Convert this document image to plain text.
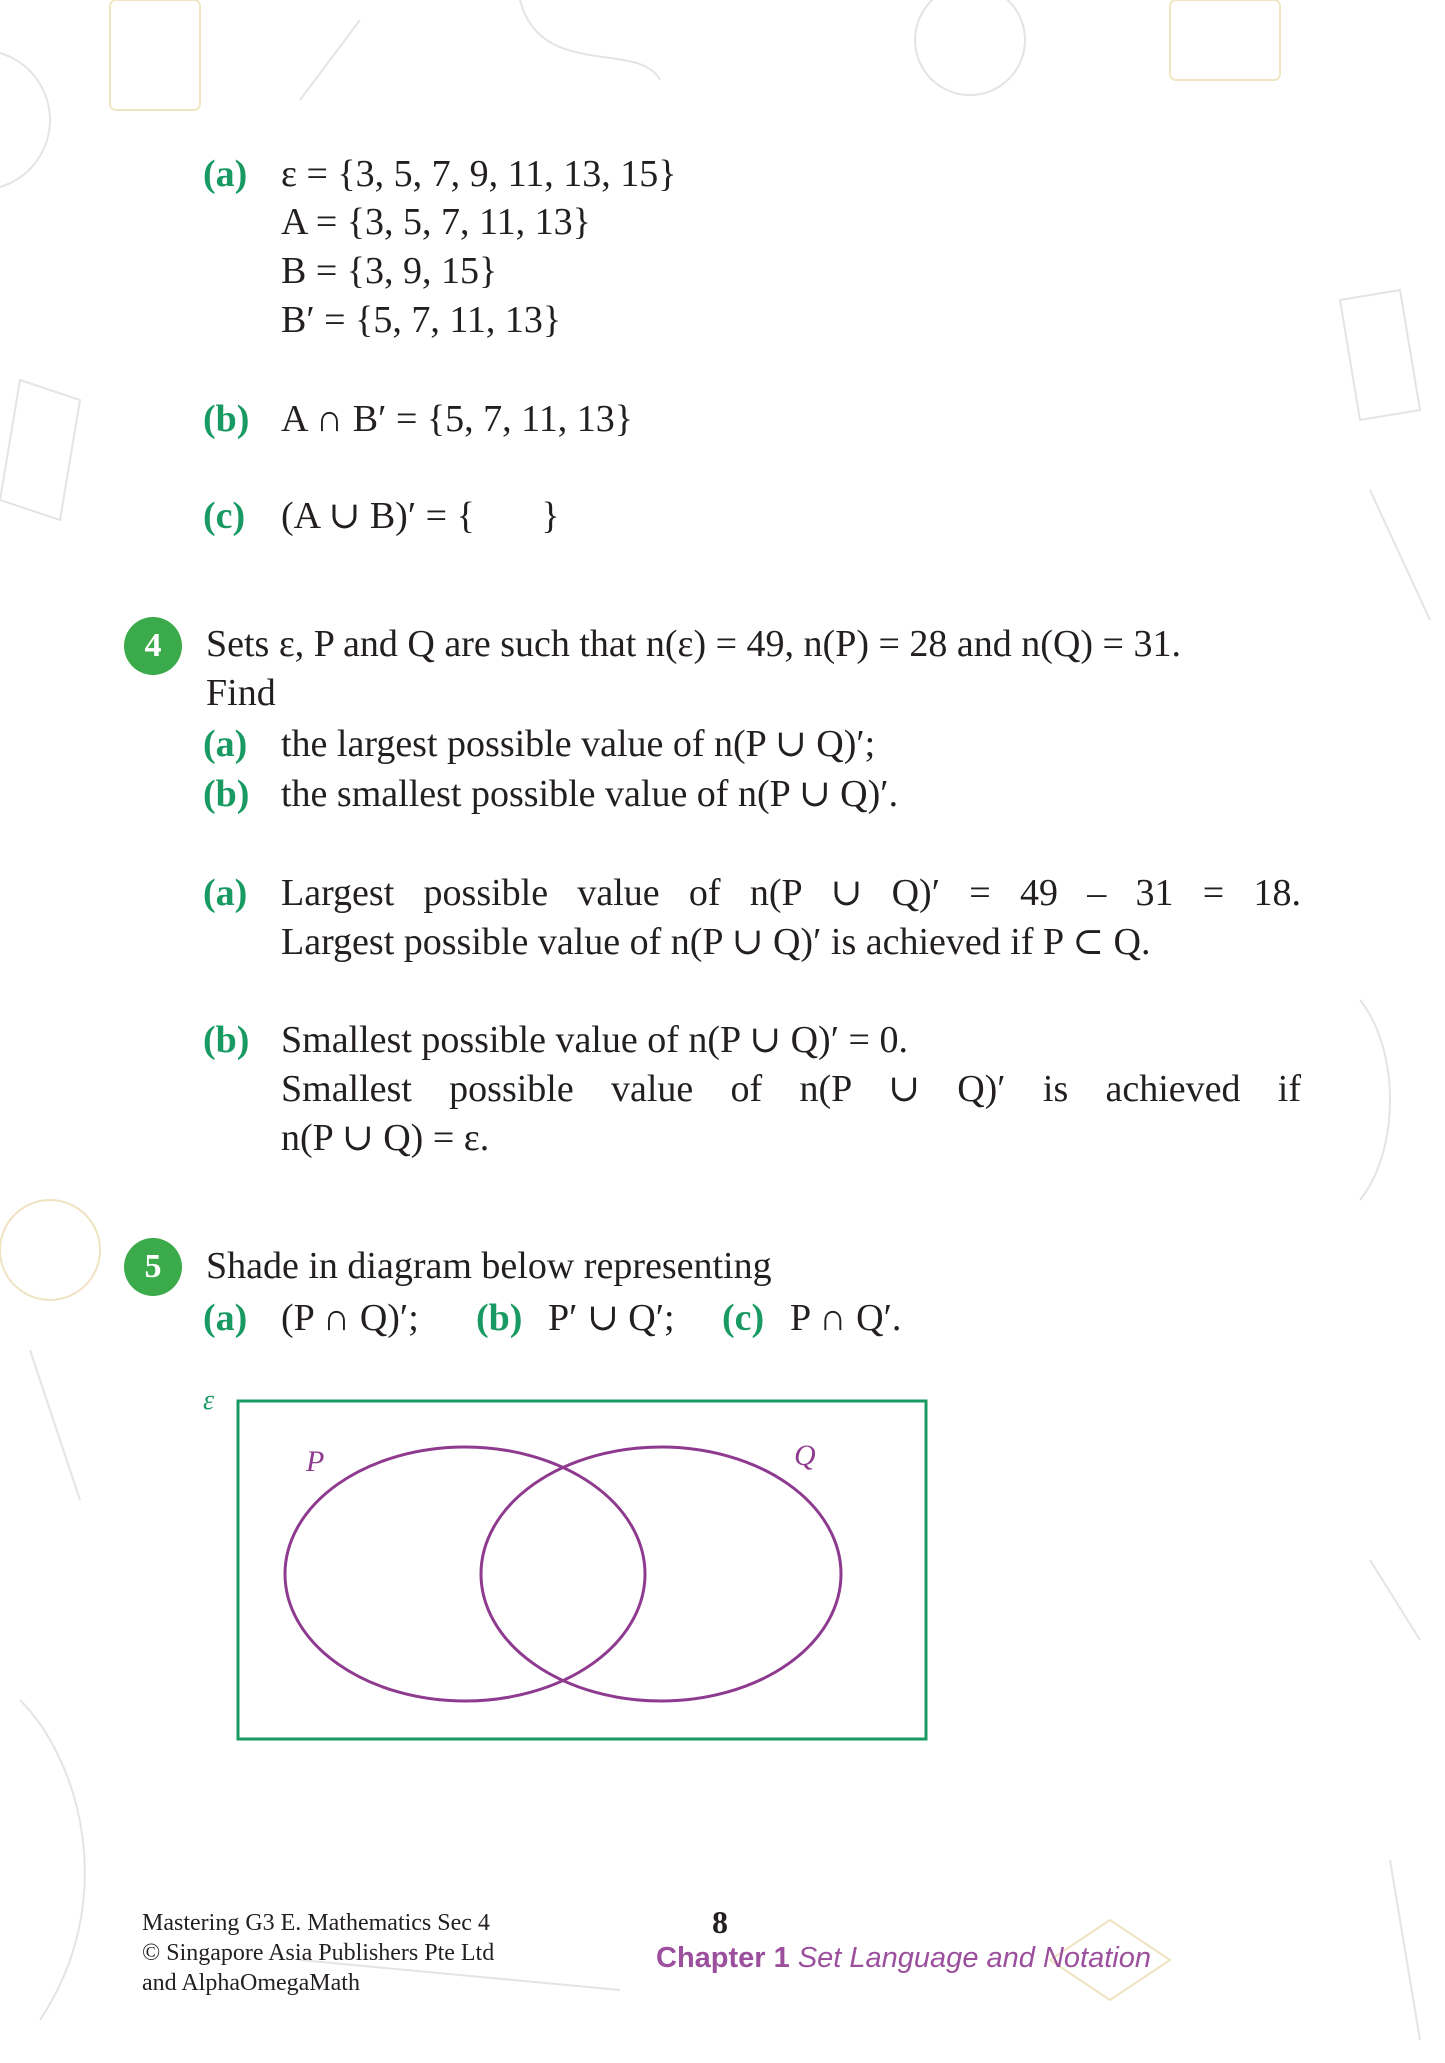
(a) ε = {3, 5, 7, 9, 11, 13, 15}
A = {3, 5, 7, 11, 13}
B = {3, 9, 15}
B′ = {5, 7, 11, 13}
(b) A ∩ B′ = {5, 7, 11, 13}
(c) (A ∪ B)′ = {       }
4	Sets ε, P and Q are such that n(ε) = 49, n(P) = 28 and n(Q) = 31.
Find
(a) the largest possible value of n(P ∪ Q)′;
(b) the smallest possible value of n(P ∪ Q)′.
(a) Largest possible value of n(P ∪ Q)′ = 49 – 31 = 18.
Largest possible value of n(P ∪ Q)′ is achieved if P ⊂ Q.
(b) Smallest possible value of n(P ∪ Q)′ = 0.
Smallest possible value of n(P ∪ Q)′ is achieved if
n(P ∪ Q) = ε.
5	Shade in diagram below representing
(a) (P ∩ Q)′; (b) P′ ∪ Q′; (c) P ∩ Q′.
ε
P	Q
Mastering G3 E. Mathematics Sec 4
© Singapore Asia Publishers Pte Ltd
and AlphaOmegaMath
8
Chapter 1 Set Language and Notation
